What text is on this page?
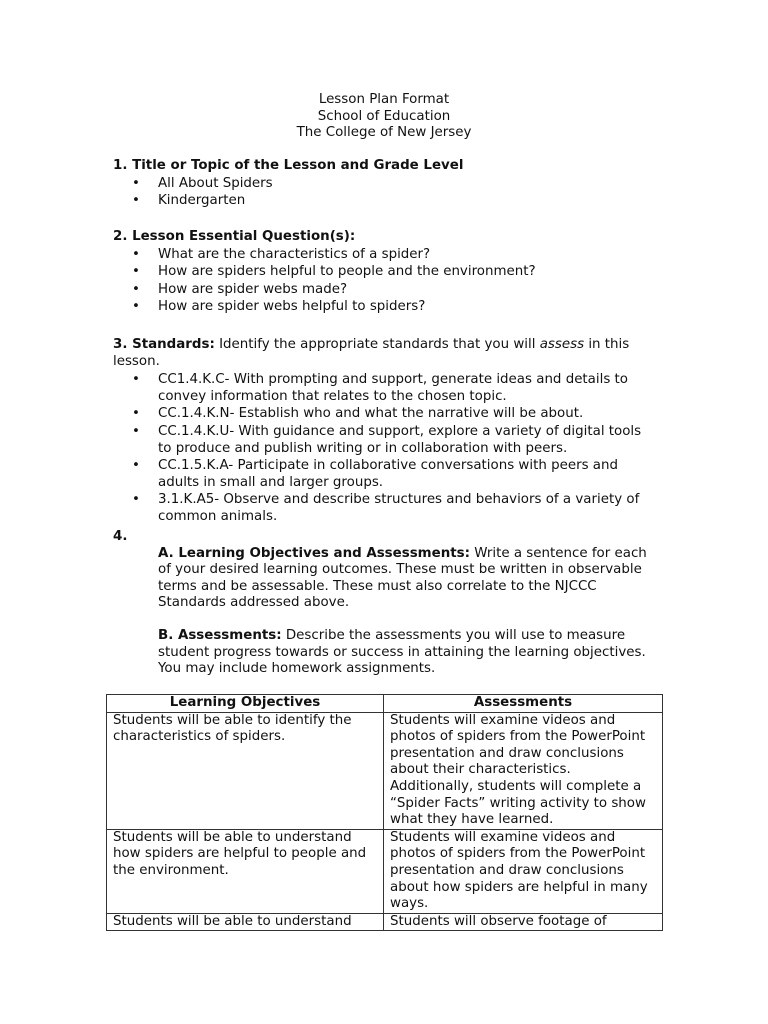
Lesson Plan Format
School of Education
The College of New Jersey
1. Title or Topic of the Lesson and Grade Level
• All About Spiders
• Kindergarten
2. Lesson Essential Question(s):
• What are the characteristics of a spider?
• How are spiders helpful to people and the environment?
• How are spider webs made?
• How are spider webs helpful to spiders?
3. Standards: Identify the appropriate standards that you will assess in this lesson.
• CC1.4.K.C- With prompting and support, generate ideas and details to convey information that relates to the chosen topic.
• CC.1.4.K.N- Establish who and what the narrative will be about.
• CC.1.4.K.U- With guidance and support, explore a variety of digital tools to produce and publish writing or in collaboration with peers.
• CC.1.5.K.A- Participate in collaborative conversations with peers and adults in small and larger groups.
• 3.1.K.A5- Observe and describe structures and behaviors of a variety of common animals.
4.
A. Learning Objectives and Assessments: Write a sentence for each of your desired learning outcomes. These must be written in observable terms and be assessable. These must also correlate to the NJCCC Standards addressed above.
B. Assessments: Describe the assessments you will use to measure student progress towards or success in attaining the learning objectives. You may include homework assignments.
Learning Objectives	Assessments
Students will be able to identify the characteristics of spiders.	Students will examine videos and photos of spiders from the PowerPoint presentation and draw conclusions about their characteristics. Additionally, students will complete a “Spider Facts” writing activity to show what they have learned.
Students will be able to understand how spiders are helpful to people and the environment.	Students will examine videos and photos of spiders from the PowerPoint presentation and draw conclusions about how spiders are helpful in many ways.
Students will be able to understand	Students will observe footage of
